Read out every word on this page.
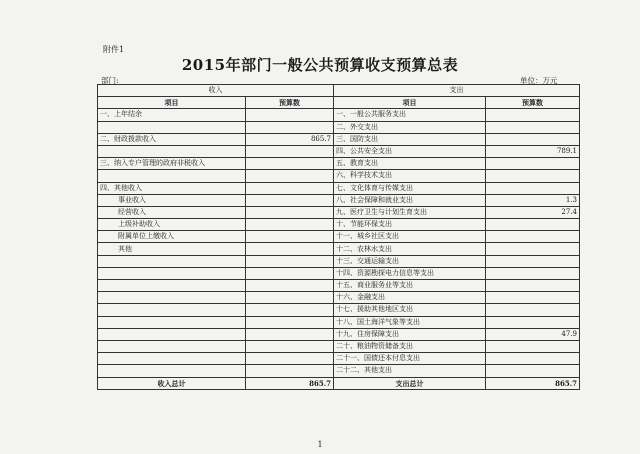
附件1
2015年部门一般公共预算收支预算总表
部门:	单位：万元
收入		支出	
项目	预算数	项目	预算数
一、上年结余		一、一般公共服务支出	
		二、外交支出	
二、财政拨款收入	865.7	三、国防支出	
		四、公共安全支出	789.1
三、纳入专户管理的政府非税收入		五、教育支出	
		六、科学技术支出	
四、其他收入		七、文化体育与传媒支出	
事业收入		八、社会保障和就业支出	1.3
经营收入		九、医疗卫生与计划生育支出	27.4
上级补助收入		十、节能环保支出	
附属单位上缴收入		十一、城乡社区支出	
其他		十二、农林水支出	
		十三、交通运输支出	
		十四、资源勘探电力信息等支出	
		十五、商业服务业等支出	
		十六、金融支出	
		十七、援助其他地区支出	
		十八、国土海洋气象等支出	
		十九、住房保障支出	47.9
		二十、粮油物资储备支出	
		二十一、国债还本付息支出	
		二十二、其他支出	
收入总计	865.7	支出总计	865.7
1
